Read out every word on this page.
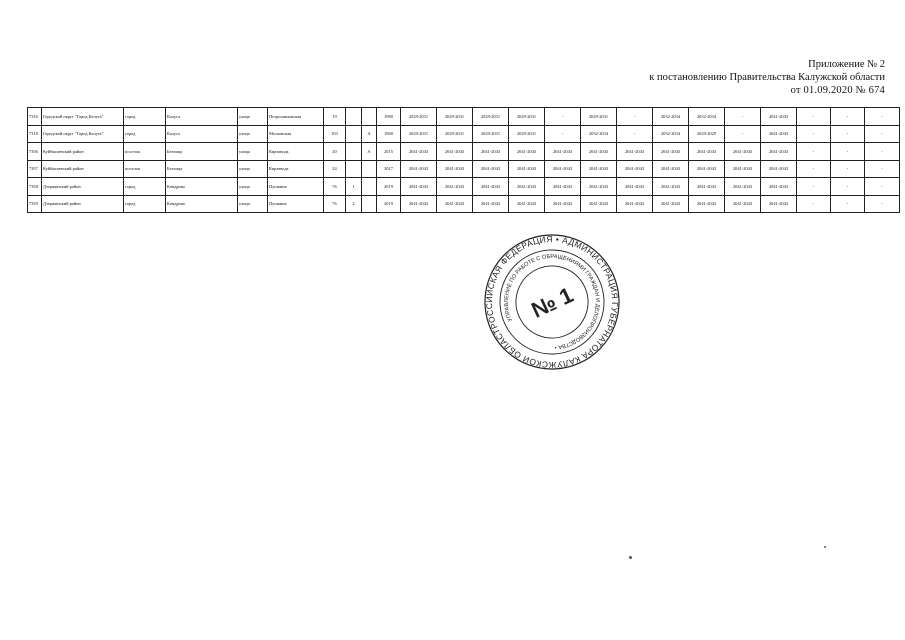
Приложение № 2
к постановлению Правительства Калужской области
от 01.09.2020 № 674
7316	Городской округ "Город Калуга"	город	Калуга	улица	Петропавловская	19			1980	2029-2031	2029-2031	2029-2031	2029-2031	-	2029-2031	-	2032-2034	2032-2034	-	2041-2043	-	-	-
7318	Городской округ "Город Калуга"	город	Калуга	улица	Московская	103		А	1960	2029-2031	2029-2031	2029-2031	2029-2031	-	2032-2034	-	2032-2034	2029-2029	-	2041-2043	-	-	-
7356	Куйбышевский район	поселок	Бетлица	улица	Кирзавода	20		А	2015	2041-2043	2041-2043	2041-2043	2041-2043	2041-2043	2041-2043	2041-2043	2041-2043	2041-2043	2041-2043	2041-2043	-	-	-
7357	Куйбышевский район	поселок	Бетлица	улица	Кирзавода	24			2017	2041-2043	2041-2043	2041-2043	2041-2043	2041-2043	2041-2043	2041-2043	2041-2043	2041-2043	2041-2043	2041-2043	-	-	-
7358	Дзержинский район	город	Кондрово	улица	Пушкина	76	1		2019	2041-2043	2041-2043	2041-2043	2041-2043	2041-2043	2041-2043	2041-2043	2041-2043	2041-2043	2041-2043	2041-2043	-	-	-
7359	Дзержинский район	город	Кондрово	улица	Пушкина	76	2		2019	2041-2043	2041-2043	2041-2043	2041-2043	2041-2043	2041-2043	2041-2043	2041-2043	2041-2043	2041-2043	2041-2043	-	-	-
РОССИЙСКАЯ ФЕДЕРАЦИЯ • АДМИНИСТРАЦИЯ ГУБЕРНАТОРА КАЛУЖСКОЙ ОБЛАСТИ
УПРАВЛЕНИЕ ПО РАБОТЕ С ОБРАЩЕНИЯМИ ГРАЖДАН И ДЕЛОПРОИЗВОДСТВА •
№ 1
